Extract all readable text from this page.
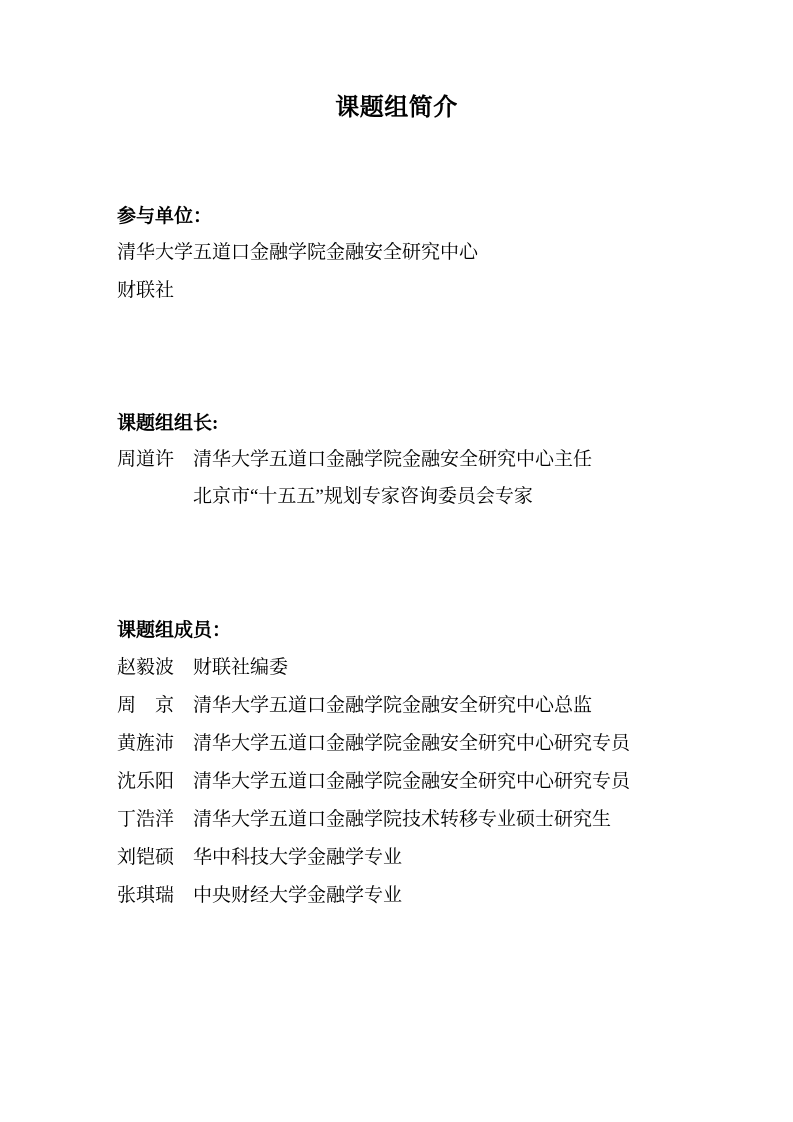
课题组简介
参与单位：
清华大学五道口金融学院金融安全研究中心
财联社
课题组组长:
周道许 清华大学五道口金融学院金融安全研究中心主任
北京市“十五五”规划专家咨询委员会专家
课题组成员：
赵毅波 财联社编委
周　京 清华大学五道口金融学院金融安全研究中心总监
黄旌沛 清华大学五道口金融学院金融安全研究中心研究专员
沈乐阳 清华大学五道口金融学院金融安全研究中心研究专员
丁浩洋 清华大学五道口金融学院技术转移专业硕士研究生
刘铠硕 华中科技大学金融学专业
张琪瑞 中央财经大学金融学专业
